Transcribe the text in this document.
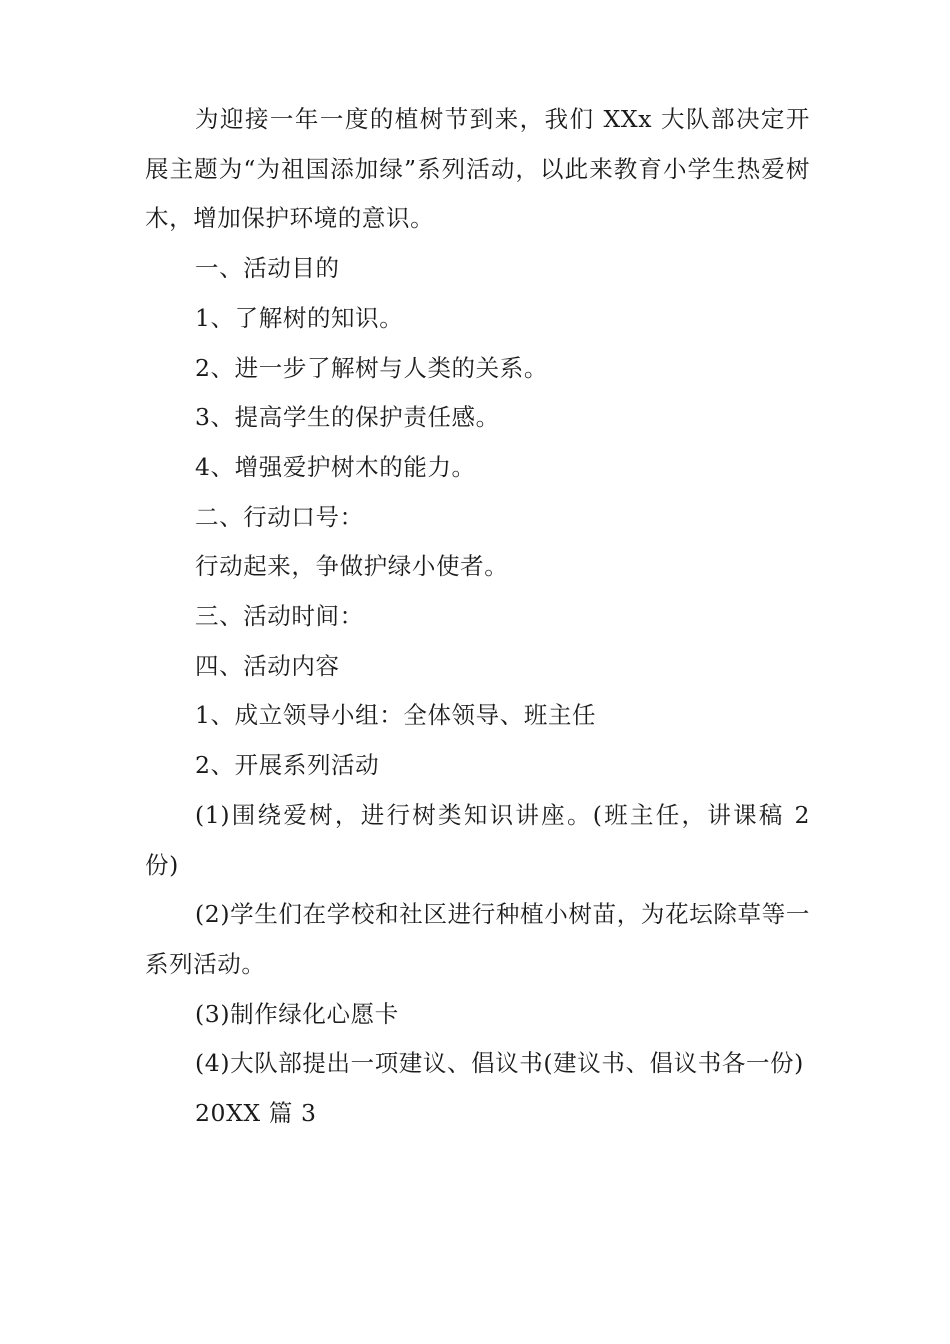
为迎接一年一度的植树节到来，我们 XXx 大队部决定开展主题为“为祖国添加绿”系列活动，以此来教育小学生热爱树木，增加保护环境的意识。

一、活动目的

1、了解树的知识。

2、进一步了解树与人类的关系。

3、提高学生的保护责任感。

4、增强爱护树木的能力。

二、行动口号：

行动起来，争做护绿小使者。

三、活动时间：

四、活动内容

1、成立领导小组：全体领导、班主任

2、开展系列活动

(1)围绕爱树，进行树类知识讲座。(班主任，讲课稿 2 份)

(2)学生们在学校和社区进行种植小树苗，为花坛除草等一系列活动。

(3)制作绿化心愿卡

(4)大队部提出一项建议、倡议书(建议书、倡议书各一份)

20XX 篇 3
